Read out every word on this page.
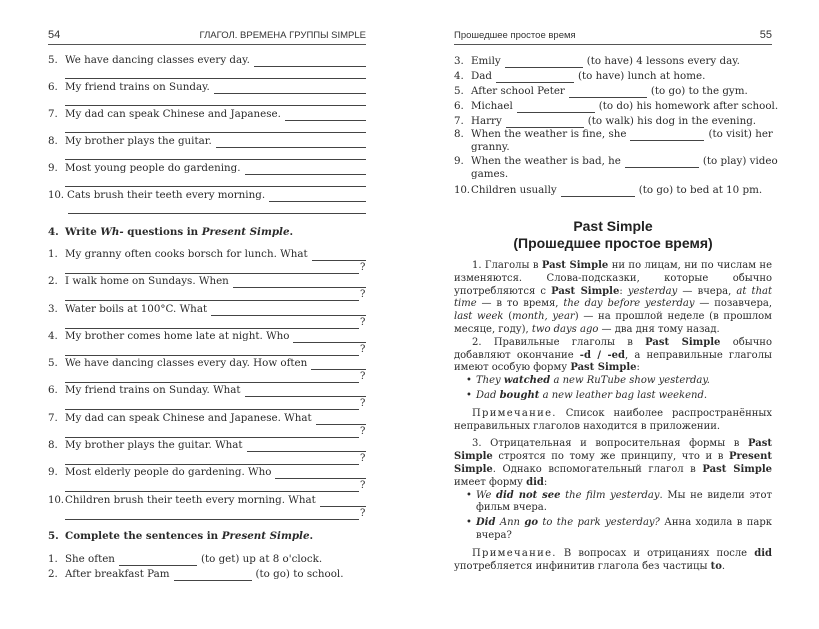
54	ГЛАГОЛ. ВРЕМЕНА ГРУППЫ SIMPLE
5. We have dancing classes every day.
6. My friend trains on Sunday.
7. My dad can speak Chinese and Japanese.
8. My brother plays the guitar.
9. Most young people do gardening.
10. Cats brush their teeth every morning.
4. Write Wh- questions in Present Simple.
1. My granny often cooks borsch for lunch. What
?
2. I walk home on Sundays. When
?
3. Water boils at 100°C. What
?
4. My brother comes home late at night. Who
?
5. We have dancing classes every day. How often
?
6. My friend trains on Sunday. What
?
7. My dad can speak Chinese and Japanese. What
?
8. My brother plays the guitar. What
?
9. Most elderly people do gardening. Who
?
10. Children brush their teeth every morning. What
?
5. Complete the sentences in Present Simple.
1. She often	(to get) up at 8 o'clock.
2. After breakfast Pam	(to go) to school.
Прошедшее простое время	55
3. Emily	(to have) 4 lessons every day.
4. Dad	(to have) lunch at home.
5. After school Peter	(to go) to the gym.
6. Michael	(to do) his homework after school.
7. Harry	(to walk) his dog in the evening.
8. When the weather is fine, she	(to visit) her
granny.
9. When the weather is bad, he	(to play) video
games.
10. Children usually	(to go) to bed at 10 pm.
Past Simple
(Прошедшее простое время)

1. Глаголы в Past Simple ни по лицам, ни по числам не изменяются. Слова-подсказки, которые обычно употребляются с Past Simple: yesterday — вчера, at that time — в то время, the day before yesterday — позавчера, last week (month, year) — на прошлой неделе (в прошлом месяце, году), two days ago — два дня тому назад.

2. Правильные глаголы в Past Simple обычно добавляют окончание -d / -ed, а неправильные глаголы имеют особую форму Past Simple:

• They watched a new RuTube show yesterday.
• Dad bought a new leather bag last weekend.

Примечание. Список наиболее распространённых неправильных глаголов находится в приложении.

3. Отрицательная и вопросительная формы в Past Simple строятся по тому же принципу, что и в Present Simple. Однако вспомогательный глагол в Past Simple имеет форму did:

• We did not see the film yesterday. Мы не видели этот фильм вчера.
• Did Ann go to the park yesterday? Анна ходила в парк вчера?

Примечание. В вопросах и отрицаниях после did употребляется инфинитив глагола без частицы to.
